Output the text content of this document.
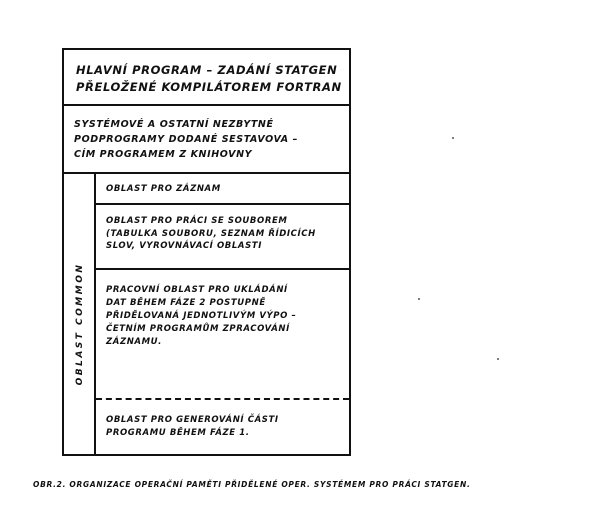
HLAVNÍ PROGRAM – ZADÁNÍ STATGEN
PŘELOŽENÉ KOMPILÁTOREM FORTRAN
SYSTÉMOVÉ A OSTATNÍ NEZBYTNÉ
PODPROGRAMY DODANÉ SESTAVOVA –
CÍM PROGRAMEM Z KNIHOVNY
OBLAST COMMON
OBLAST PRO ZÁZNAM
OBLAST PRO PRÁCI SE SOUBOREM
(TABULKA SOUBORU, SEZNAM ŘÍDICÍCH
SLOV, VYROVNÁVACÍ OBLASTI
PRACOVNÍ OBLAST PRO UKLÁDÁNÍ
DAT BĚHEM FÁZE 2 POSTUPNĚ
PŘIDĚLOVANÁ JEDNOTLIVÝM VÝPO –
ČETNÍM PROGRAMŮM ZPRACOVÁNÍ
ZÁZNAMU.
OBLAST PRO GENEROVÁNÍ ČÁSTI
PROGRAMU BĚHEM FÁZE 1.
OBR.2. ORGANIZACE OPERAČNÍ PAMĚTI PŘIDĚLENÉ OPER. SYSTÉMEM PRO PRÁCI STATGEN.
